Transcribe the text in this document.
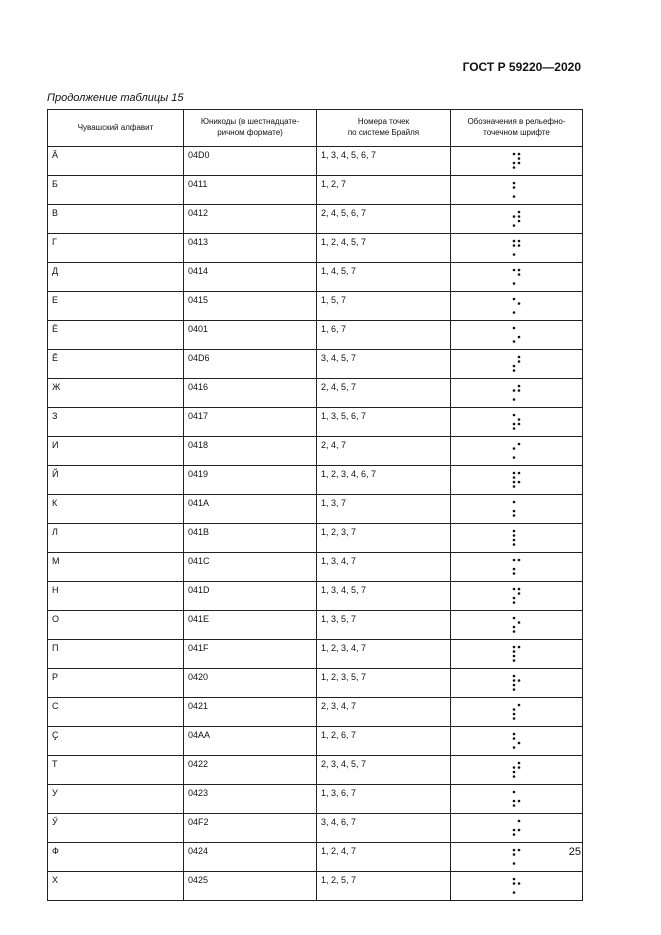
ГОСТ Р 59220—2020
Продолжение таблицы 15
Чувашский алфавит	Юникоды (в шестнадцате-
ричном формате)	Номера точек
по системе Брайля	Обозначения в рельефно-
точечном шрифте
Ӑ	04D0	1, 3, 4, 5, 6, 7	
Б	0411	1, 2, 7	
В	0412	2, 4, 5, 6, 7	
Г	0413	1, 2, 4, 5, 7	
Д	0414	1, 4, 5, 7	
Е	0415	1, 5, 7	
Ё	0401	1, 6, 7	
Ӗ	04D6	3, 4, 5, 7	
Ж	0416	2, 4, 5, 7	
З	0417	1, 3, 5, 6, 7	
И	0418	2, 4, 7	
Й	0419	1, 2, 3, 4, 6, 7	
К	041A	1, 3, 7	
Л	041B	1, 2, 3, 7	
М	041C	1, 3, 4, 7	
Н	041D	1, 3, 4, 5, 7	
О	041E	1, 3, 5, 7	
П	041F	1, 2, 3, 4, 7	
Р	0420	1, 2, 3, 5, 7	
С	0421	2, 3, 4, 7	
Ҫ	04AA	1, 2, 6, 7	
Т	0422	2, 3, 4, 5, 7	
У	0423	1, 3, 6, 7	
Ӳ	04F2	3, 4, 6, 7	
Ф	0424	1, 2, 4, 7	
Х	0425	1, 2, 5, 7	
25
